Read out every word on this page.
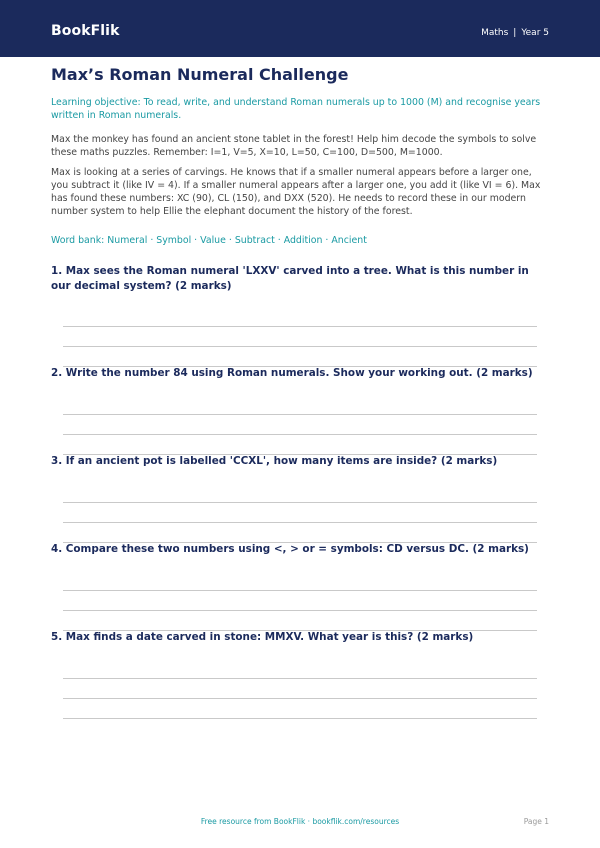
BookFlik	Maths | Year 5
Max’s Roman Numeral Challenge

Learning objective: To read, write, and understand Roman numerals up to 1000 (M) and recognise years written in Roman numerals.

Max the monkey has found an ancient stone tablet in the forest! Help him decode the symbols to solve these maths puzzles. Remember: I=1, V=5, X=10, L=50, C=100, D=500, M=1000.

Max is looking at a series of carvings. He knows that if a smaller numeral appears before a larger one, you subtract it (like IV = 4). If a smaller numeral appears after a larger one, you add it (like VI = 6). Max has found these numbers: XC (90), CL (150), and DXX (520). He needs to record these in our modern number system to help Ellie the elephant document the history of the forest.

Word bank: Numeral · Symbol · Value · Subtract · Addition · Ancient

1. Max sees the Roman numeral 'LXXV' carved into a tree. What is this number in our decimal system? (2 marks)

2. Write the number 84 using Roman numerals. Show your working out. (2 marks)

3. If an ancient pot is labelled 'CCXL', how many items are inside? (2 marks)

4. Compare these two numbers using <, > or = symbols: CD versus DC. (2 marks)

5. Max finds a date carved in stone: MMXV. What year is this? (2 marks)

Free resource from BookFlik · bookflik.com/resources	Page 1
